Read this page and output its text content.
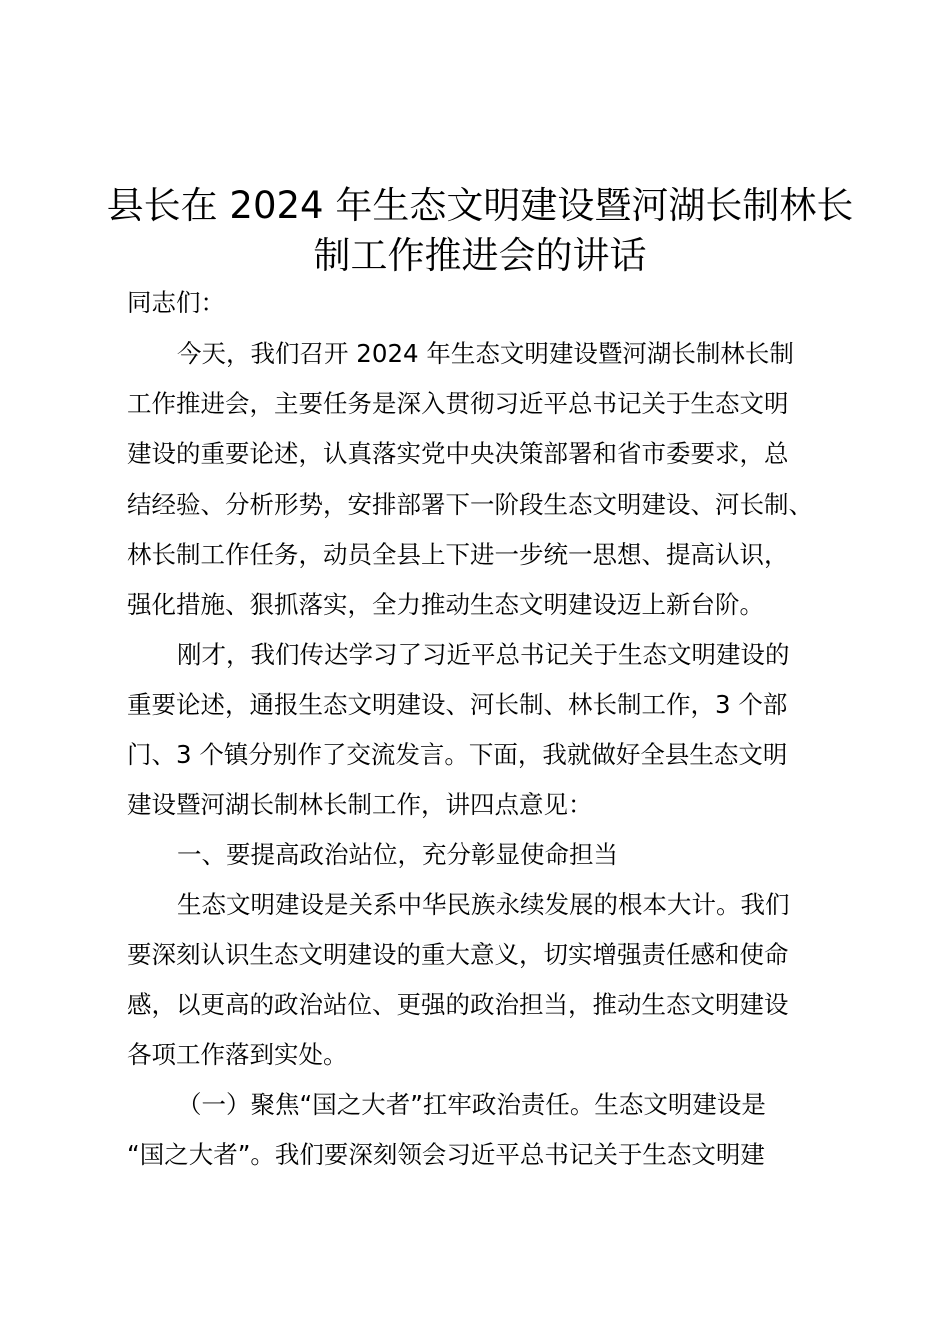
县长在 2024 年生态文明建设暨河湖长制林长
制工作推进会的讲话

同志们：

今天，我们召开 2024 年生态文明建设暨河湖长制林长制

工作推进会，主要任务是深入贯彻习近平总书记关于生态文明

建设的重要论述，认真落实党中央决策部署和省市委要求，总

结经验、分析形势，安排部署下一阶段生态文明建设、河长制、

林长制工作任务，动员全县上下进一步统一思想、提高认识，

强化措施、狠抓落实，全力推动生态文明建设迈上新台阶。

刚才，我们传达学习了习近平总书记关于生态文明建设的

重要论述，通报生态文明建设、河长制、林长制工作，3 个部

门、3 个镇分别作了交流发言。下面，我就做好全县生态文明

建设暨河湖长制林长制工作，讲四点意见：

一、要提高政治站位，充分彰显使命担当

生态文明建设是关系中华民族永续发展的根本大计。我们

要深刻认识生态文明建设的重大意义，切实增强责任感和使命

感，以更高的政治站位、更强的政治担当，推动生态文明建设

各项工作落到实处。

（一）聚焦“国之大者”扛牢政治责任。生态文明建设是

“国之大者”。我们要深刻领会习近平总书记关于生态文明建
